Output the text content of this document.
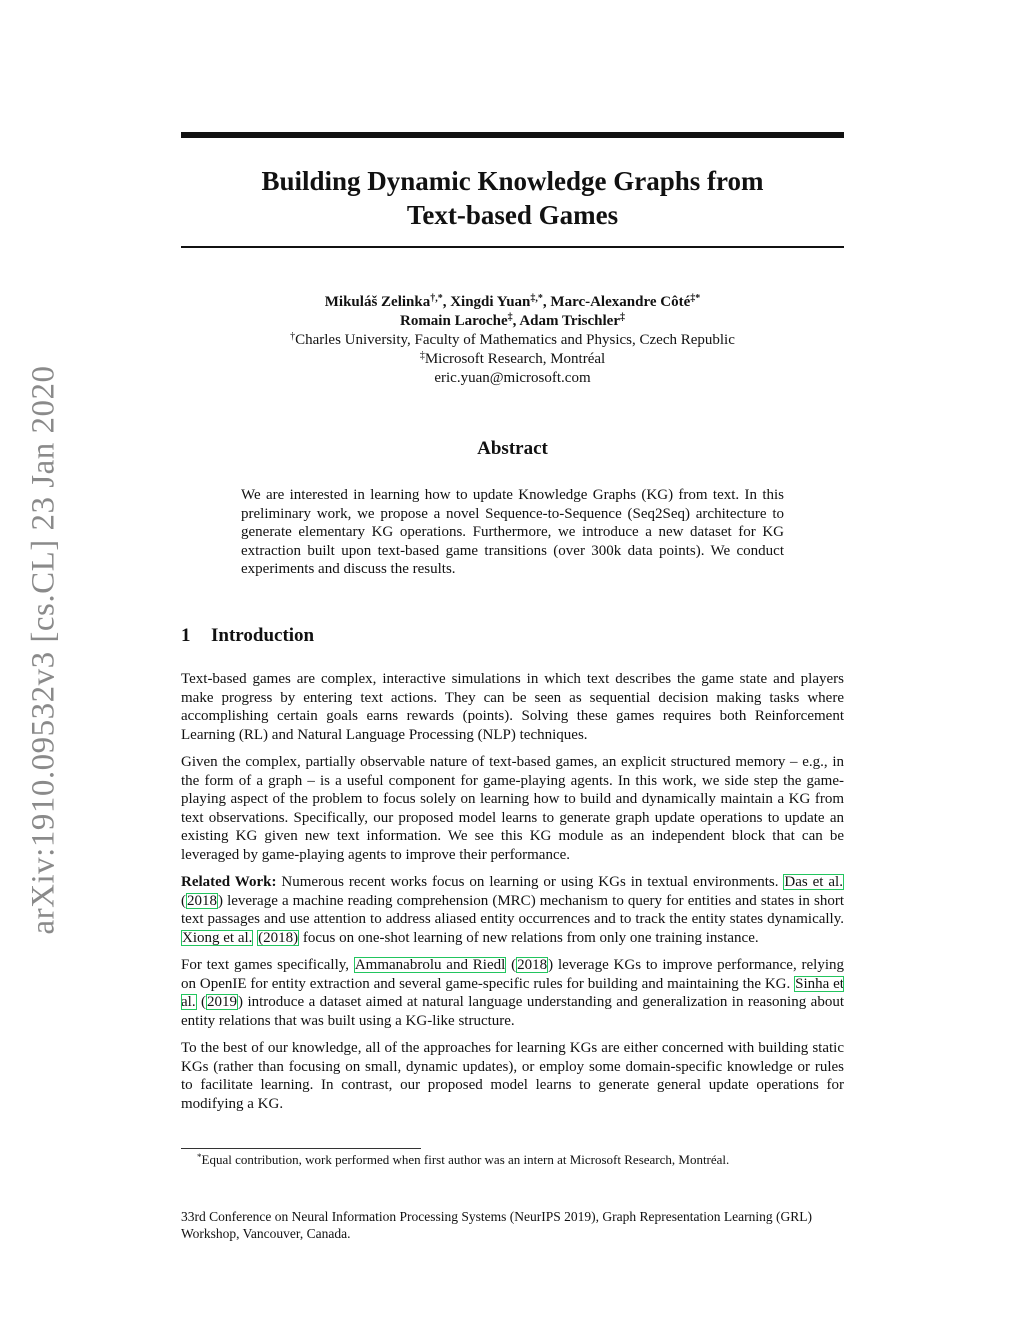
arXiv:1910.09532v3 [cs.CL] 23 Jan 2020
Building Dynamic Knowledge Graphs from
Text-based Games
Mikuláš Zelinka†,*, Xingdi Yuan‡,*, Marc-Alexandre Côté‡*
Romain Laroche‡, Adam Trischler‡
†Charles University, Faculty of Mathematics and Physics, Czech Republic
‡Microsoft Research, Montréal
eric.yuan@microsoft.com
Abstract
We are interested in learning how to update Knowledge Graphs (KG) from text. In this preliminary work, we propose a novel Sequence-to-Sequence (Seq2Seq) architecture to generate elementary KG operations. Furthermore, we introduce a new dataset for KG extraction built upon text-based game transitions (over 300k data points). We conduct experiments and discuss the results.
1 Introduction

Text-based games are complex, interactive simulations in which text describes the game state and players make progress by entering text actions. They can be seen as sequential decision making tasks where accomplishing certain goals earns rewards (points). Solving these games requires both Reinforcement Learning (RL) and Natural Language Processing (NLP) techniques.

Given the complex, partially observable nature of text-based games, an explicit structured memory – e.g., in the form of a graph – is a useful component for game-playing agents. In this work, we side step the game-playing aspect of the problem to focus solely on learning how to build and dynamically maintain a KG from text observations. Specifically, our proposed model learns to generate graph update operations to update an existing KG given new text information. We see this KG module as an independent block that can be leveraged by game-playing agents to improve their performance.

Related Work: Numerous recent works focus on learning or using KGs in textual environments. Das et al. (2018) leverage a machine reading comprehension (MRC) mechanism to query for entities and states in short text passages and use attention to address aliased entity occurrences and to track the entity states dynamically. Xiong et al. (2018) focus on one-shot learning of new relations from only one training instance.

For text games specifically, Ammanabrolu and Riedl (2018) leverage KGs to improve performance, relying on OpenIE for entity extraction and several game-specific rules for building and maintaining the KG. Sinha et al. (2019) introduce a dataset aimed at natural language understanding and generalization in reasoning about entity relations that was built using a KG-like structure.

To the best of our knowledge, all of the approaches for learning KGs are either concerned with building static KGs (rather than focusing on small, dynamic updates), or employ some domain-specific knowledge or rules to facilitate learning. In contrast, our proposed model learns to generate general update operations for modifying a KG.

*Equal contribution, work performed when first author was an intern at Microsoft Research, Montréal.
33rd Conference on Neural Information Processing Systems (NeurIPS 2019), Graph Representation Learning (GRL) Workshop, Vancouver, Canada.
